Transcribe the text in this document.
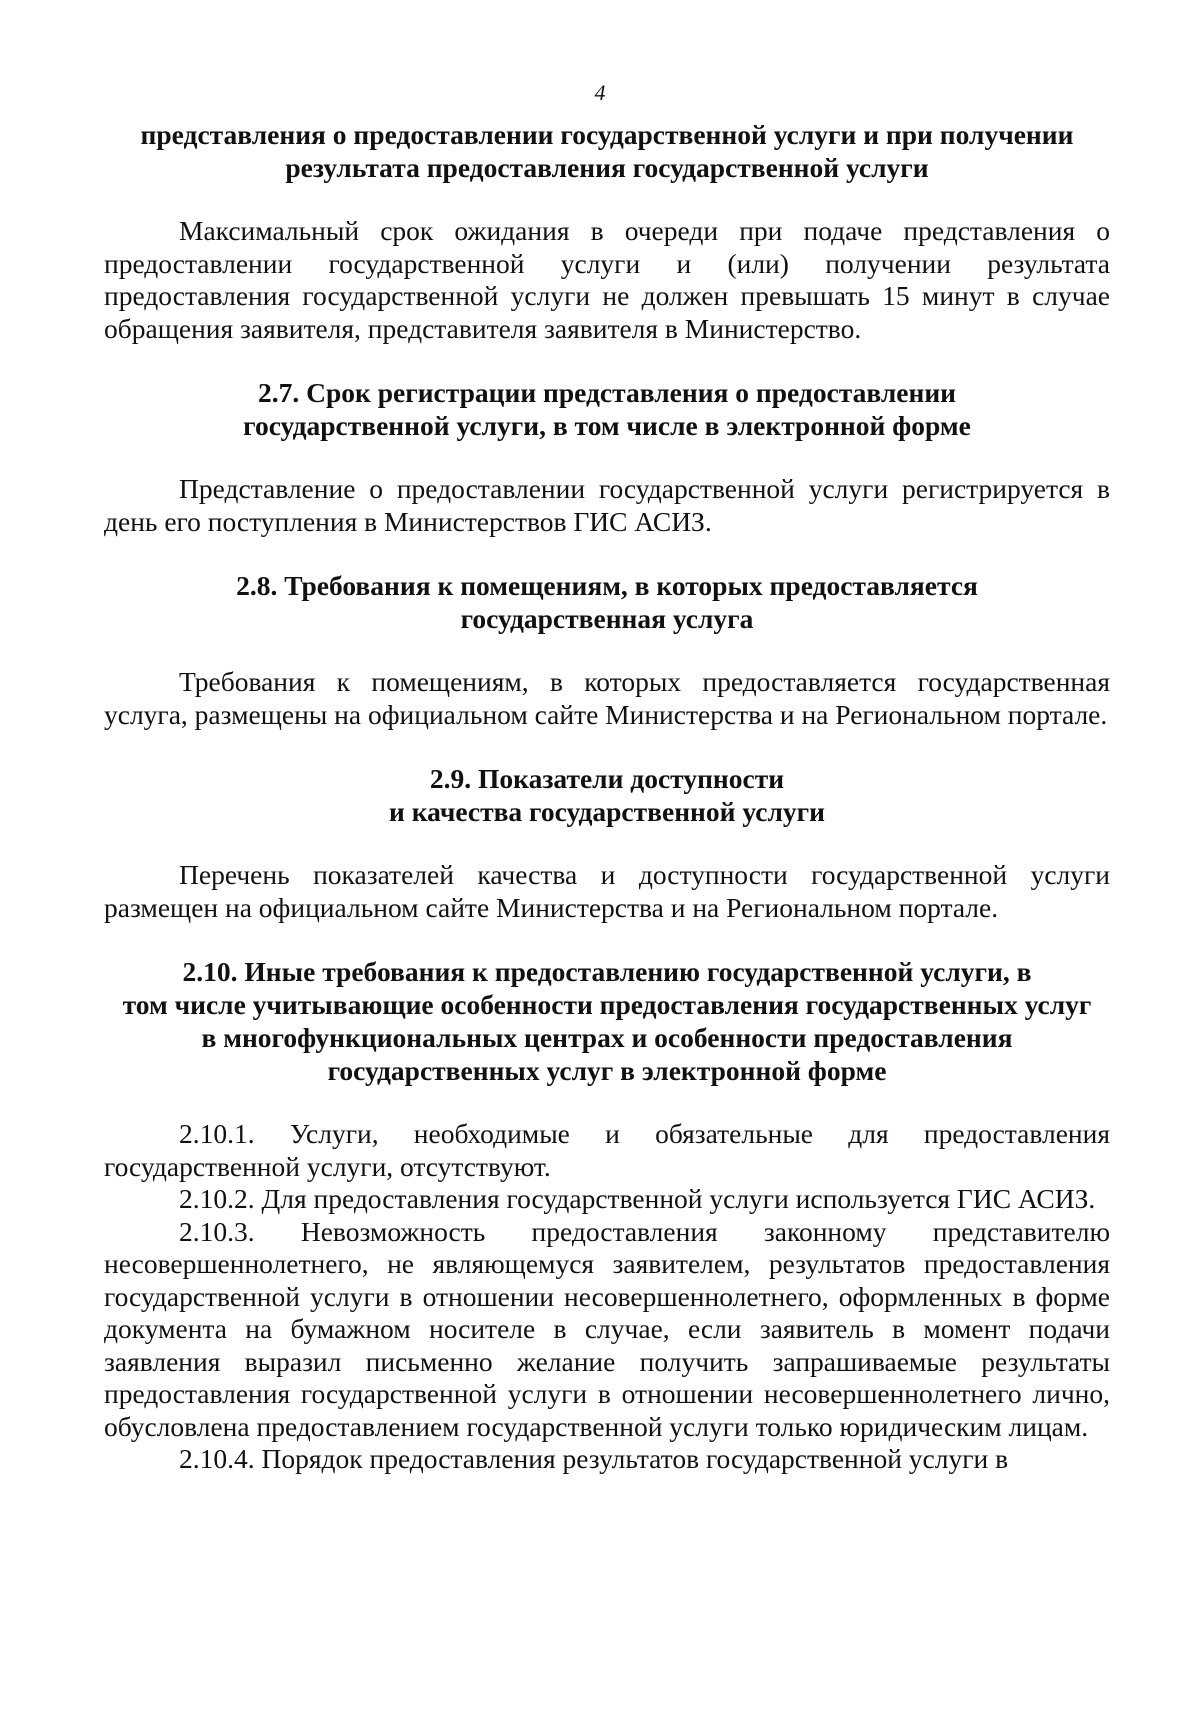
4

представления о предоставлении государственной услуги и при получении
результата предоставления государственной услуги

Максимальный срок ожидания в очереди при подаче представления о предоставлении государственной услуги и (или) получении результата предоставления государственной услуги не должен превышать 15 минут в случае обращения заявителя, представителя заявителя в Министерство.

2.7. Срок регистрации представления о предоставлении
государственной услуги, в том числе в электронной форме

Представление о предоставлении государственной услуги регистрируется в день его поступления в Министерствов ГИС АСИЗ.

2.8. Требования к помещениям, в которых предоставляется
государственная услуга

Требования к помещениям, в которых предоставляется государственная услуга, размещены на официальном сайте Министерства и на Региональном портале.

2.9. Показатели доступности
и качества государственной услуги

Перечень показателей качества и доступности государственной услуги размещен на официальном сайте Министерства и на Региональном портале.

2.10. Иные требования к предоставлению государственной услуги, в
том числе учитывающие особенности предоставления государственных услуг
в многофункциональных центрах и особенности предоставления
государственных услуг в электронной форме

2.10.1. Услуги, необходимые и обязательные для предоставления государственной услуги, отсутствуют.

2.10.2. Для предоставления государственной услуги используется ГИС АСИЗ.

2.10.3. Невозможность предоставления законному представителю несовершеннолетнего, не являющемуся заявителем, результатов предоставления государственной услуги в отношении несовершеннолетнего, оформленных в форме документа на бумажном носителе в случае, если заявитель в момент подачи заявления выразил письменно желание получить запрашиваемые результаты предоставления государственной услуги в отношении несовершеннолетнего лично, обусловлена предоставлением государственной услуги только юридическим лицам.

2.10.4. Порядок предоставления результатов государственной услуги в
